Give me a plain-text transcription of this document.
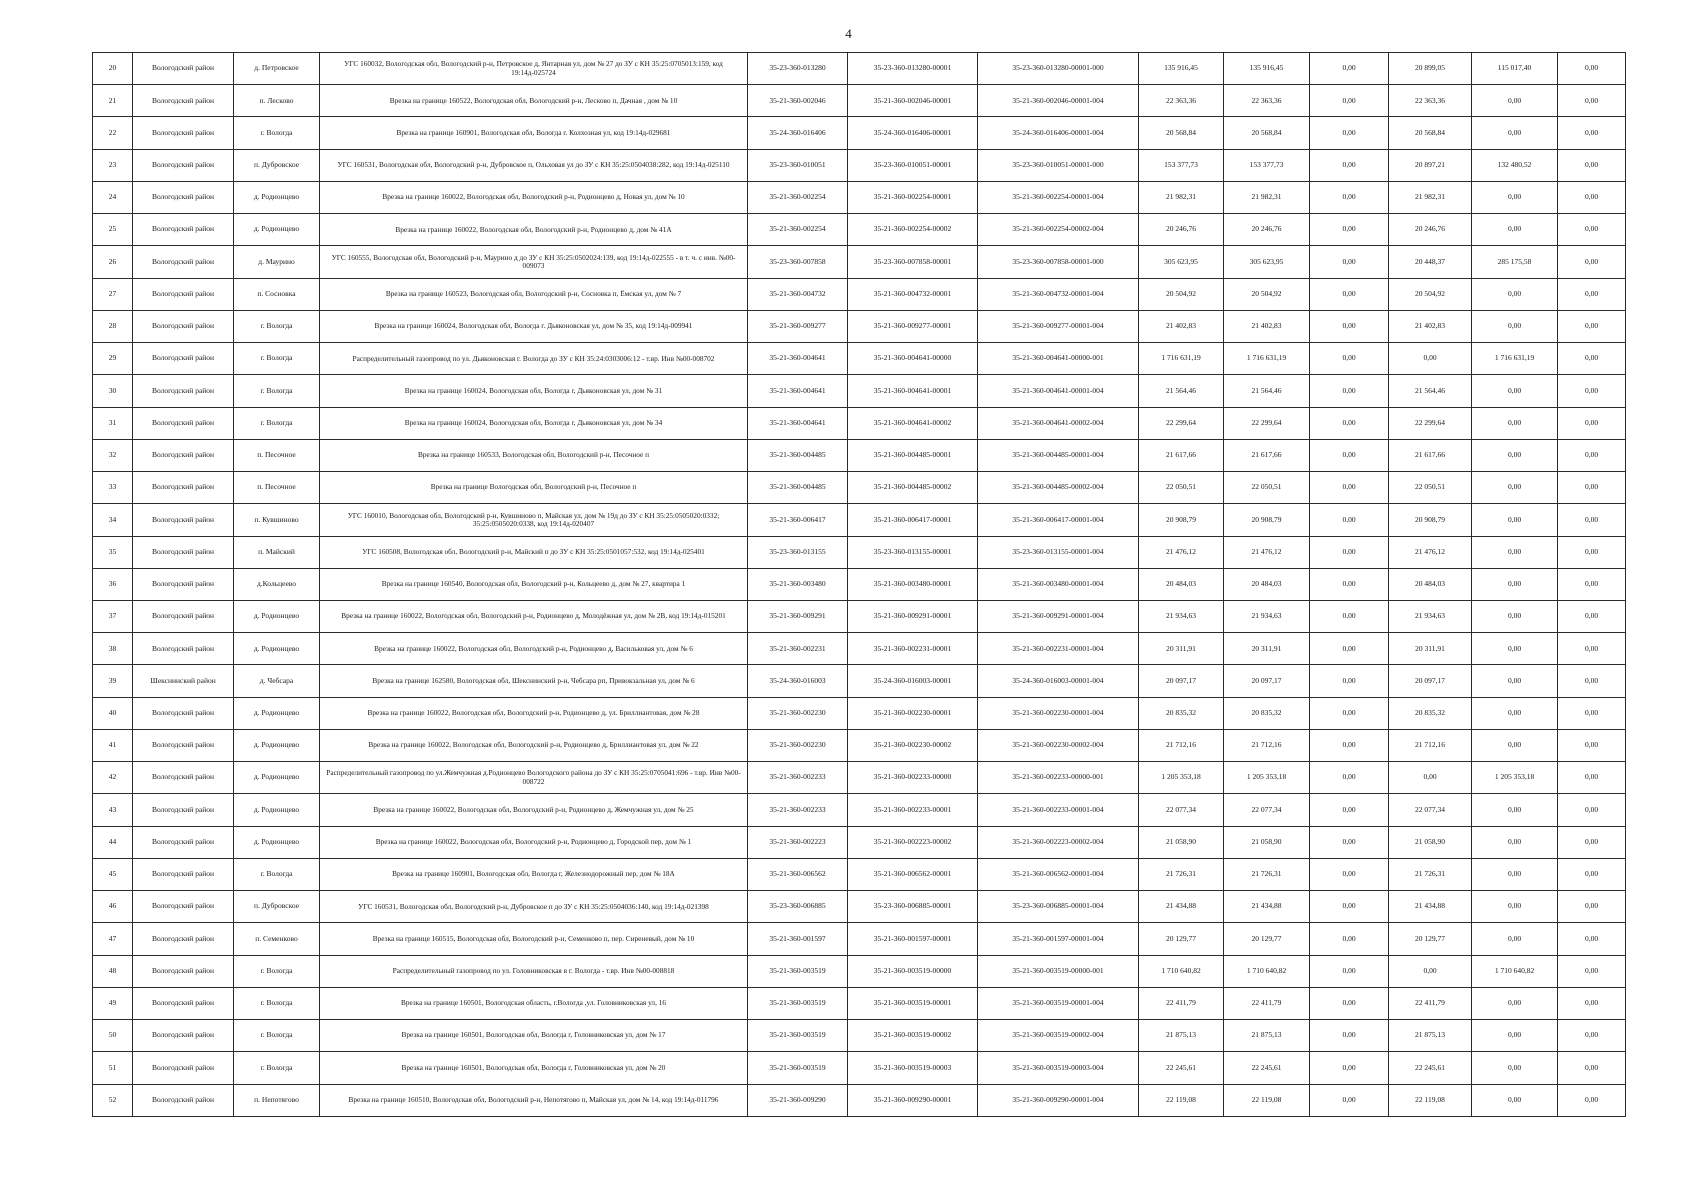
4
20	Вологодский район	д. Петровское	УГС 160032, Вологодская обл, Вологодский р-н, Петровское д, Янтарная ул, дом № 27 до ЗУ с КН 35:25:0705013:159, код 19:14д-025724	35-23-360-013280	35-23-360-013280-00001	35-23-360-013280-00001-000	135 916,45	135 916,45	0,00	20 899,05	115 017,40	0,00
21	Вологодский район	п. Лесково	Врезка на границе 160522, Вологодская обл, Вологодский р-н, Лесково п, Дачная , дом № 10	35-21-360-002046	35-21-360-002046-00001	35-21-360-002046-00001-004	22 363,36	22 363,36	0,00	22 363,36	0,00	0,00
22	Вологодский район	г. Вологда	Врезка на границе 160901, Вологодская обл, Вологда г. Колхозная ул, код 19:14д-029681	35-24-360-016406	35-24-360-016406-00001	35-24-360-016406-00001-004	20 568,84	20 568,84	0,00	20 568,84	0,00	0,00
23	Вологодский район	п. Дубровское	УГС 160531, Вологодская обл, Вологодский р-н, Дубровское п, Ольховая ул до ЗУ с КН 35:25:0504038:282, код 19:14д-025110	35-23-360-010051	35-23-360-010051-00001	35-23-360-010051-00001-000	153 377,73	153 377,73	0,00	20 897,21	132 480,52	0,00
24	Вологодский район	д. Родионцево	Врезка на границе 160022, Вологодская обл, Вологодский р-н, Родионцево д, Новая ул, дом № 10	35-21-360-002254	35-21-360-002254-00001	35-21-360-002254-00001-004	21 982,31	21 982,31	0,00	21 982,31	0,00	0,00
25	Вологодский район	д. Родионцево	Врезка на границе 160022, Вологодская обл, Вологодский р-н, Родионцево д, дом № 41А	35-21-360-002254	35-21-360-002254-00002	35-21-360-002254-00002-004	20 246,76	20 246,76	0,00	20 246,76	0,00	0,00
26	Вологодский район	д. Маурино	УГС 160555, Вологодская обл, Вологодский р-н, Маурино д до ЗУ с КН 35:25:0502024:139, код 19:14д-022555 - в т. ч. с инв. №00-009073	35-23-360-007858	35-23-360-007858-00001	35-23-360-007858-00001-000	305 623,95	305 623,95	0,00	20 448,37	285 175,58	0,00
27	Вологодский район	п. Сосновка	Врезка на границе 160523, Вологодская обл, Вологодский р-н, Сосновка п, Ёмская ул, дом № 7	35-21-360-004732	35-21-360-004732-00001	35-21-360-004732-00001-004	20 504,92	20 504,92	0,00	20 504,92	0,00	0,00
28	Вологодский район	г. Вологда	Врезка на границе 160024, Вологодская обл, Вологда г. Дьяконовская ул, дом № 35, код 19:14д-009941	35-21-360-009277	35-21-360-009277-00001	35-21-360-009277-00001-004	21 402,83	21 402,83	0,00	21 402,83	0,00	0,00
29	Вологодский район	г. Вологда	Распределительный газопровод по ул. Дьяконовская г. Вологда до ЗУ с КН 35:24:0303006:12 - т.вр. Инв №00-008702	35-21-360-004641	35-21-360-004641-00000	35-21-360-004641-00000-001	1 716 631,19	1 716 631,19	0,00	0,00	1 716 631,19	0,00
30	Вологодский район	г. Вологда	Врезка на границе 160024, Вологодская обл, Вологда г, Дьяконовская ул, дом № 31	35-21-360-004641	35-21-360-004641-00001	35-21-360-004641-00001-004	21 564,46	21 564,46	0,00	21 564,46	0,00	0,00
31	Вологодский район	г. Вологда	Врезка на границе 160024, Вологодская обл, Вологда г, Дьяконовская ул, дом № 34	35-21-360-004641	35-21-360-004641-00002	35-21-360-004641-00002-004	22 299,64	22 299,64	0,00	22 299,64	0,00	0,00
32	Вологодский район	п. Песочное	Врезка на границе 160533, Вологодская обл, Вологодский р-н, Песочное п	35-21-360-004485	35-21-360-004485-00001	35-21-360-004485-00001-004	21 617,66	21 617,66	0,00	21 617,66	0,00	0,00
33	Вологодский район	п. Песочное	Врезка на границе Вологодская обл, Вологодский р-н, Песочное п	35-21-360-004485	35-21-360-004485-00002	35-21-360-004485-00002-004	22 050,51	22 050,51	0,00	22 050,51	0,00	0,00
34	Вологодский район	п. Кувшиново	УГС 160010, Вологодская обл, Вологодский р-н, Кувшиново п, Майская ул, дом № 19д до ЗУ с КН 35:25:0505020:0332; 35:25:0505020:0338, код 19:14д-020407	35-21-360-006417	35-21-360-006417-00001	35-21-360-006417-00001-004	20 908,79	20 908,79	0,00	20 908,79	0,00	0,00
35	Вологодский район	п. Майский	УГС 160508, Вологодская обл, Вологодский р-н, Майский п до ЗУ с КН 35:25:0501057:532, код 19:14д-025401	35-23-360-013155	35-23-360-013155-00001	35-23-360-013155-00001-004	21 476,12	21 476,12	0,00	21 476,12	0,00	0,00
36	Вологодский район	д.Кольцеево	Врезка на границе 160540, Вологодская обл, Вологодский р-н, Кольцеево д, дом № 27, квартира 1	35-21-360-003480	35-21-360-003480-00001	35-21-360-003480-00001-004	20 484,03	20 484,03	0,00	20 484,03	0,00	0,00
37	Вологодский район	д. Родионцево	Врезка на границе 160022, Вологодская обл, Вологодский р-н, Родионцево д, Молодёжная ул, дом № 2В, код 19:14д-015201	35-21-360-009291	35-21-360-009291-00001	35-21-360-009291-00001-004	21 934,63	21 934,63	0,00	21 934,63	0,00	0,00
38	Вологодский район	д. Родионцево	Врезка на границе 160022, Вологодская обл, Вологодский р-н, Родионцево д, Васильковая ул, дом № 6	35-21-360-002231	35-21-360-002231-00001	35-21-360-002231-00001-004	20 311,91	20 311,91	0,00	20 311,91	0,00	0,00
39	Шекснинский район	д. Чебсара	Врезка на границе 162580, Вологодская обл, Шекснинский р-н, Чебсара рп, Привокзальная ул, дом № 6	35-24-360-016003	35-24-360-016003-00001	35-24-360-016003-00001-004	20 097,17	20 097,17	0,00	20 097,17	0,00	0,00
40	Вологодский район	д. Родионцево	Врезка на границе 160022, Вологодская обл, Вологодский р-н, Родионцево д, ул. Бриллиантовая, дом № 28	35-21-360-002230	35-21-360-002230-00001	35-21-360-002230-00001-004	20 835,32	20 835,32	0,00	20 835,32	0,00	0,00
41	Вологодский район	д. Родионцево	Врезка на границе 160022, Вологодская обл, Вологодский р-н, Родионцево д, Бриллиантовая ул, дом № 22	35-21-360-002230	35-21-360-002230-00002	35-21-360-002230-00002-004	21 712,16	21 712,16	0,00	21 712,16	0,00	0,00
42	Вологодский район	д. Родионцево	Распределительный газопровод по ул.Жемчужная д.Родионцево Вологодского района до ЗУ с КН 35:25:0705041:696 - т.вр. Инв №00-008722	35-21-360-002233	35-21-360-002233-00000	35-21-360-002233-00000-001	1 205 353,18	1 205 353,18	0,00	0,00	1 205 353,18	0,00
43	Вологодский район	д. Родионцево	Врезка на границе 160022, Вологодская обл, Вологодский р-н, Родионцево д, Жемчужная ул, дом № 25	35-21-360-002233	35-21-360-002233-00001	35-21-360-002233-00001-004	22 077,34	22 077,34	0,00	22 077,34	0,00	0,00
44	Вологодский район	д. Родионцево	Врезка на границе 160022, Вологодская обл, Вологодский р-н, Родионцево д, Городской пер, дом № 1	35-21-360-002223	35-21-360-002223-00002	35-21-360-002223-00002-004	21 058,90	21 058,90	0,00	21 058,90	0,00	0,00
45	Вологодский район	г. Вологда	Врезка на границе 160901, Вологодская обл, Вологда г, Железнодорожный пер, дом № 18А	35-21-360-006562	35-21-360-006562-00001	35-21-360-006562-00001-004	21 726,31	21 726,31	0,00	21 726,31	0,00	0,00
46	Вологодский район	п. Дубровское	УГС 160531, Вологодская обл, Вологодский р-н, Дубровское п до ЗУ с КН 35:25:0504036:140, код 19:14д-021398	35-23-360-006885	35-23-360-006885-00001	35-23-360-006885-00001-004	21 434,88	21 434,88	0,00	21 434,88	0,00	0,00
47	Вологодский район	п. Семенково	Врезка на границе 160515, Вологодская обл, Вологодский р-н, Семенково п, пер. Сиреневый, дом № 10	35-21-360-001597	35-21-360-001597-00001	35-21-360-001597-00001-004	20 129,77	20 129,77	0,00	20 129,77	0,00	0,00
48	Вологодский район	г. Вологда	Распределительный газопровод по ул. Головниковская в г. Вологда - т.вр. Инв №00-008818	35-21-360-003519	35-21-360-003519-00000	35-21-360-003519-00000-001	1 710 640,82	1 710 640,82	0,00	0,00	1 710 640,82	0,00
49	Вологодский район	г. Вологда	Врезка на границе 160501, Вологодская область, г.Вологда ,ул. Головниковская ул, 16	35-21-360-003519	35-21-360-003519-00001	35-21-360-003519-00001-004	22 411,79	22 411,79	0,00	22 411,79	0,00	0,00
50	Вологодский район	г. Вологда	Врезка на границе 160501, Вологодская обл, Вологда г, Головниковская ул, дом № 17	35-21-360-003519	35-21-360-003519-00002	35-21-360-003519-00002-004	21 875,13	21 875,13	0,00	21 875,13	0,00	0,00
51	Вологодский район	г. Вологда	Врезка на границе 160501, Вологодская обл, Вологда г, Головниковская ул, дом № 20	35-21-360-003519	35-21-360-003519-00003	35-21-360-003519-00003-004	22 245,61	22 245,61	0,00	22 245,61	0,00	0,00
52	Вологодский район	п. Непотягово	Врезка на границе 160510, Вологодская обл, Вологодский р-н, Непотягово п, Майская ул, дом № 14, код 19:14д-011796	35-21-360-009290	35-21-360-009290-00001	35-21-360-009290-00001-004	22 119,08	22 119,08	0,00	22 119,08	0,00	0,00
